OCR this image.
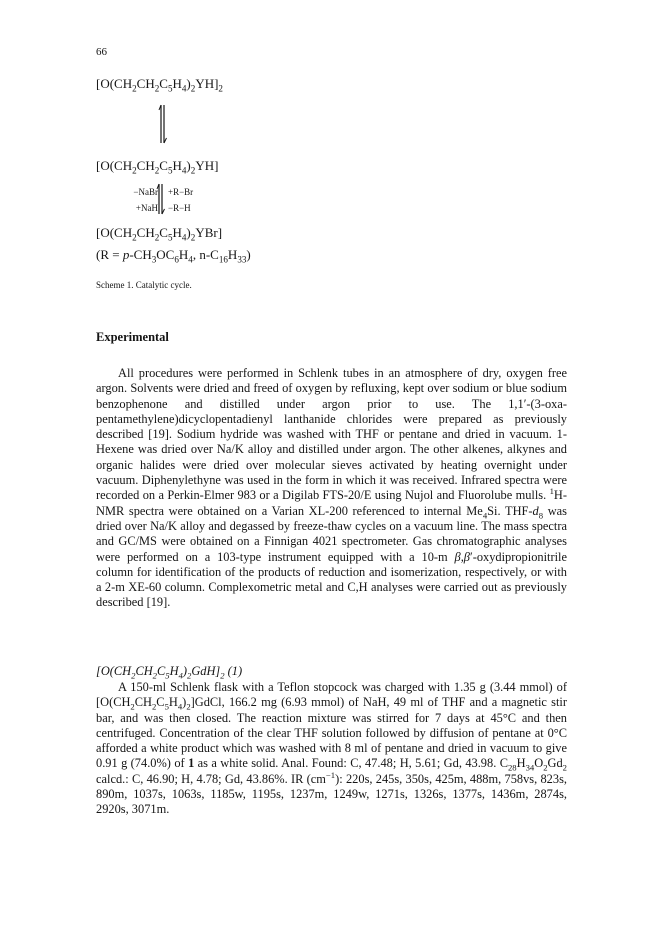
66
$[O(CH_2CH_2C_5H_4)_2YH]_2$
$[O(CH_2CH_2C_5H_4)_2YH]$
−NaBr +R−Br
+NaH −R−H
$[O(CH_2CH_2C_5H_4)_2YBr]$
($R = p-CH_3OC_6H_4$, $n-C_{16}H_{33}$)
Scheme 1. Catalytic cycle.
Experimental

All procedures were performed in Schlenk tubes in an atmosphere of dry, oxygen free argon. Solvents were dried and freed of oxygen by refluxing, kept over sodium or blue sodium benzophenone and distilled under argon prior to use. The 1,1′-(3-oxa-pentamethylene)dicyclopentadienyl lanthanide chlorides were prepared as previously described [19]. Sodium hydride was washed with THF or pentane and dried in vacuum. 1-Hexene was dried over Na/K alloy and distilled under argon. The other alkenes, alkynes and organic halides were dried over molecular sieves activated by heating overnight under vacuum. Diphenylethyne was used in the form in which it was received. Infrared spectra were recorded on a Perkin-Elmer 983 or a Digilab FTS-20/E using Nujol and Fluorolube mulls. $^1$H-NMR spectra were obtained on a Varian XL-200 referenced to internal $Me_4Si$. THF-$d_8$ was dried over Na/K alloy and degassed by freeze-thaw cycles on a vacuum line. The mass spectra and GC/MS were obtained on a Finnigan 4021 spectrometer. Gas chromatographic analyses were performed on a 103-type instrument equipped with a 10-m β,β′-oxydipropionitrile column for identification of the products of reduction and isomerization, respectively, or with a 2-m XE-60 column. Complexometric metal and C,H analyses were carried out as previously described [19].

$[O(CH_2CH_2C_5H_4)_2GdH]_2$ (1)

A 150-ml Schlenk flask with a Teflon stopcock was charged with 1.35 g (3.44 mmol) of $[O(CH_2CH_2C_5H_4)_2]GdCl$, 166.2 mg (6.93 mmol) of NaH, 49 ml of THF and a magnetic stir bar, and was then closed. The reaction mixture was stirred for 7 days at 45°C and then centrifuged. Concentration of the clear THF solution followed by diffusion of pentane at 0°C afforded a white product which was washed with 8 ml of pentane and dried in vacuum to give 0.91 g (74.0%) of 1 as a white solid. Anal. Found: C, 47.48; H, 5.61; Gd, 43.98. $C_{28}H_{34}O_2Gd_2$ calcd.: C, 46.90; H, 4.78; Gd, 43.86%. IR $(cm^{-1})$: 220s, 245s, 350s, 425m, 488m, 758vs, 823s, 890m, 1037s, 1063s, 1185w, 1195s, 1237m, 1249w, 1271s, 1326s, 1377s, 1436m, 2874s, 2920s, 3071m.
